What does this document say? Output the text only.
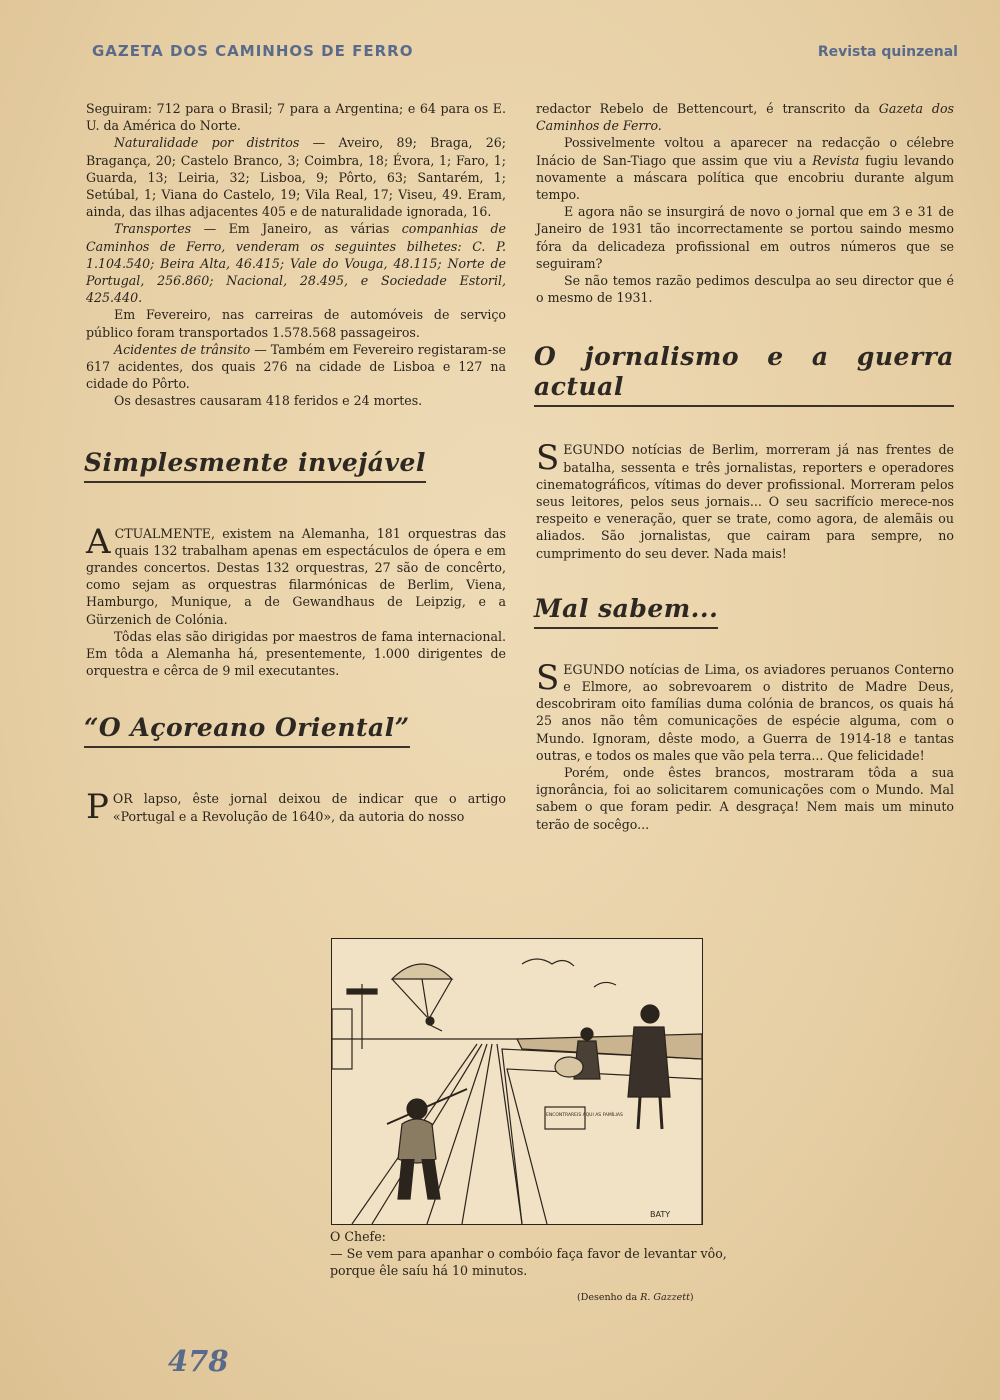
GAZETA DOS CAMINHOS DE FERRO	Revista quinzenal

Seguiram: 712 para o Brasil; 7 para a Argentina; e 64 para os E. U. da América do Norte.

Naturalidade por distritos — Aveiro, 89; Braga, 26; Bragança, 20; Castelo Branco, 3; Coimbra, 18; Évora, 1; Faro, 1; Guarda, 13; Leiria, 32; Lisboa, 9; Pôrto, 63; Santarém, 1; Setúbal, 1; Viana do Castelo, 19; Vila Real, 17; Viseu, 49. Eram, ainda, das ilhas adjacentes 405 e de naturalidade ignorada, 16.

Transportes — Em Janeiro, as várias companhias de Caminhos de Ferro, venderam os seguintes bilhetes: C. P. 1.104.540; Beira Alta, 46.415; Vale do Vouga, 48.115; Norte de Portugal, 256.860; Nacional, 28.495, e Sociedade Estoril, 425.440.

Em Fevereiro, nas carreiras de automóveis de serviço público foram transportados 1.578.568 passageiros.

Acidentes de trânsito — Também em Fevereiro registaram-se 617 acidentes, dos quais 276 na cidade de Lisboa e 127 na cidade do Pôrto.

Os desastres causaram 418 feridos e 24 mortes.

Simplesmente invejável

ACTUALMENTE, existem na Alemanha, 181 orquestras das quais 132 trabalham apenas em espectáculos de ópera e em grandes concertos. Destas 132 orquestras, 27 são de concêrto, como sejam as orquestras filarmónicas de Berlim, Viena, Hamburgo, Munique, a de Gewandhaus de Leipzig, e a Gürzenich de Colónia.

Tôdas elas são dirigidas por maestros de fama internacional. Em tôda a Alemanha há, presentemente, 1.000 dirigentes de orquestra e cêrca de 9 mil executantes.

“O Açoreano Oriental”

POR lapso, êste jornal deixou de indicar que o artigo «Portugal e a Revolução de 1640», da autoria do nosso

redactor Rebelo de Bettencourt, é transcrito da Gazeta dos Caminhos de Ferro.

Possivelmente voltou a aparecer na redacção o célebre Inácio de San-Tiago que assim que viu a Revista fugiu levando novamente a máscara política que encobriu durante algum tempo.

E agora não se insurgirá de novo o jornal que em 3 e 31 de Janeiro de 1931 tão incorrectamente se portou saindo mesmo fóra da delicadeza profissional em outros números que se seguiram?

Se não temos razão pedimos desculpa ao seu director que é o mesmo de 1931.

O jornalismo e a guerra actual

SEGUNDO notícias de Berlim, morreram já nas frentes de batalha, sessenta e três jornalistas, reporters e operadores cinematográficos, vítimas do dever profissional. Morreram pelos seus leitores, pelos seus jornais... O seu sacrifício merece-nos respeito e veneração, quer se trate, como agora, de alemãis ou aliados. São jornalistas, que cairam para sempre, no cumprimento do seu dever. Nada mais!

Mal sabem...

SEGUNDO notícias de Lima, os aviadores peruanos Conterno e Elmore, ao sobrevoarem o distrito de Madre Deus, descobriram oito famílias duma colónia de brancos, os quais há 25 anos não têm comunicações de espécie alguma, com o Mundo. Ignoram, dêste modo, a Guerra de 1914-18 e tantas outras, e todos os males que vão pela terra... Que felicidade!

Porém, onde êstes brancos, mostraram tôda a sua ignorância, foi ao solicitarem comunicações com o Mundo. Mal sabem o que foram pedir. A desgraça! Nem mais um minuto terão de socêgo...

ENCONTRAREIS AQUI AS FAMÍLIAS
BATY

O Chefe:

— Se vem para apanhar o combóio faça favor de levantar vôo, porque êle saíu há 10 minutos.

(Desenho da R. Gazzett)
478
